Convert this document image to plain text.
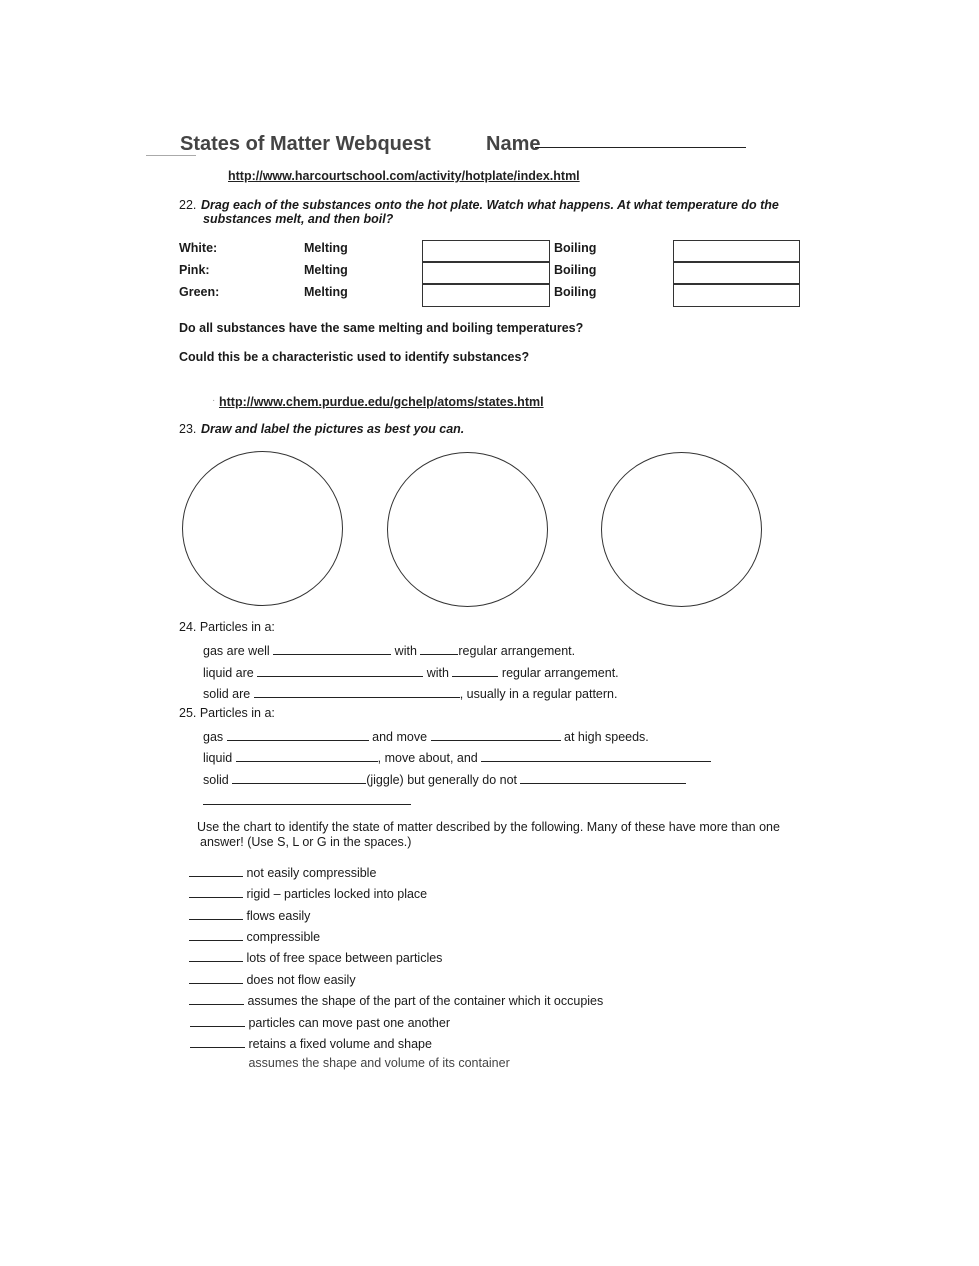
States of Matter Webquest	Name
http://www.harcourtschool.com/activity/hotplate/index.html
22. Drag each of the substances onto the hot plate. Watch what happens. At what temperature do the
substances melt, and then boil?
White:	Melting	Boiling
Pink:	Melting	Boiling
Green:	Melting	Boiling
Do all substances have the same melting and boiling temperatures?
Could this be a characteristic used to identify substances?
· http://www.chem.purdue.edu/gchelp/atoms/states.html
23. Draw and label the pictures as best you can.
24. Particles in a:
gas are well	with	regular arrangement.
liquid are	with	regular arrangement.
solid are	, usually in a regular pattern.
25. Particles in a:
gas	and move	at high speeds.
liquid	, move about, and
solid	(jiggle) but generally do not
Use the chart to identify the state of matter described by the following. Many of these have more than one
answer! (Use S, L or G in the spaces.)
not easily compressible
rigid – particles locked into place
flows easily
compressible
lots of free space between particles
does not flow easily
assumes the shape of the part of the container which it occupies
particles can move past one another
retains a fixed volume and shape
assumes the shape and volume of its container
